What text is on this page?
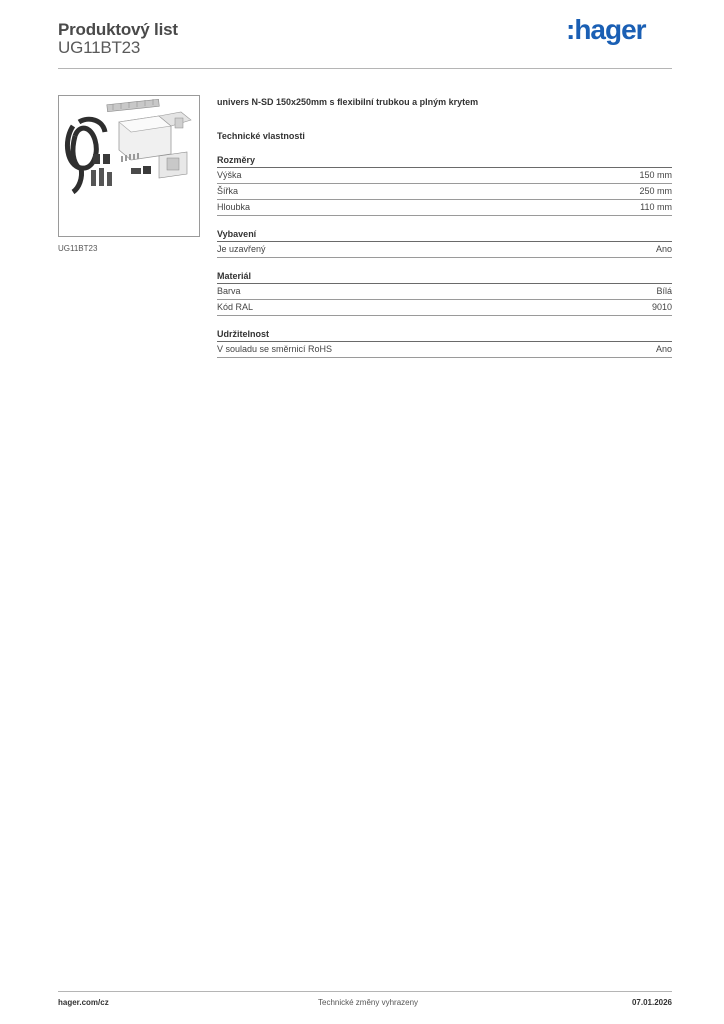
Produktový list
UG11BT23
:hager
UG11BT23
univers N-SD 150x250mm s flexibilní trubkou a plným krytem
Technické vlastnosti
Rozměry
Výška	150 mm
Šířka	250 mm
Hloubka	110 mm
Vybavení
Je uzavřený	Ano
Materiál
Barva	Bílá
Kód RAL	9010
Udržitelnost
V souladu se směrnicí RoHS	Ano
hager.com/cz	Technické změny vyhrazeny	07.01.2026
